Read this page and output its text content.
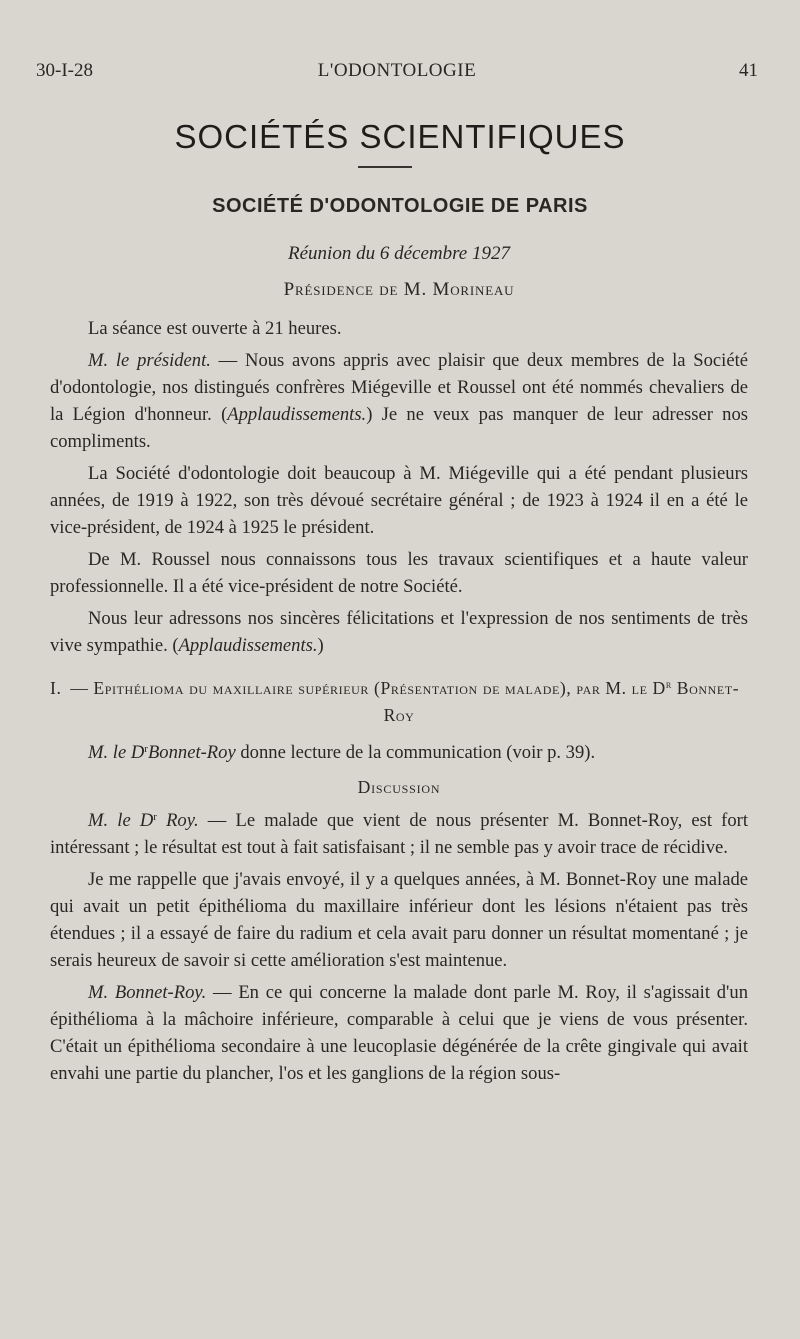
30-I-28	L'ODONTOLOGIE	41
SOCIÉTÉS SCIENTIFIQUES
SOCIÉTÉ D'ODONTOLOGIE DE PARIS
Réunion du 6 décembre 1927
Présidence de M. Morineau

La séance est ouverte à 21 heures.

M. le président. — Nous avons appris avec plaisir que deux membres de la Société d'odontologie, nos distingués confrères Miégeville et Roussel ont été nommés chevaliers de la Légion d'honneur. (Applaudissements.) Je ne veux pas manquer de leur adresser nos compliments.

La Société d'odontologie doit beaucoup à M. Miégeville qui a été pendant plusieurs années, de 1919 à 1922, son très dévoué secrétaire général ; de 1923 à 1924 il en a été le vice-président, de 1924 à 1925 le président.

De M. Roussel nous connaissons tous les travaux scientifiques et a haute valeur professionnelle. Il a été vice-président de notre Société.

Nous leur adressons nos sincères félicitations et l'expression de nos sentiments de très vive sympathie. (Applaudissements.)

I. — Epithélioma du maxillaire supérieur (Présentation de malade), par M. le $D^r$ Bonnet-Roy

M. le $D^rBonnet$-Roy donne lecture de la communication (voir p. 39).

Discussion

M. le $D^r$ Roy. — Le malade que vient de nous présenter M. Bonnet-Roy, est fort intéressant ; le résultat est tout à fait satisfaisant ; il ne semble pas y avoir trace de récidive.

Je me rappelle que j'avais envoyé, il y a quelques années, à M. Bonnet-Roy une malade qui avait un petit épithélioma du maxillaire inférieur dont les lésions n'étaient pas très étendues ; il a essayé de faire du radium et cela avait paru donner un résultat momentané ; je serais heureux de savoir si cette amélioration s'est maintenue.

M. Bonnet-Roy. — En ce qui concerne la malade dont parle M. Roy, il s'agissait d'un épithélioma à la mâchoire inférieure, comparable à celui que je viens de vous présenter. C'était un épithélioma secondaire à une leucoplasie dégénérée de la crête gingivale qui avait envahi une partie du plancher, l'os et les ganglions de la région sous-
